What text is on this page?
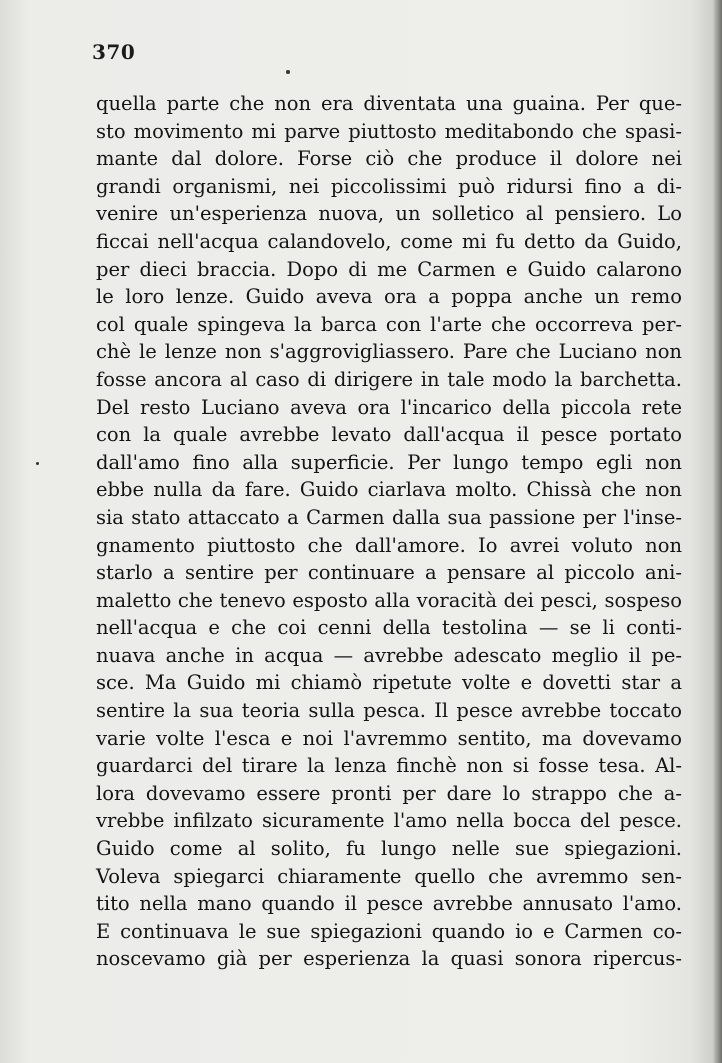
370
quella parte che non era diventata una guaina. Per que-
sto movimento mi parve piuttosto meditabondo che spasi-
mante dal dolore. Forse ciò che produce il dolore nei
grandi organismi, nei piccolissimi può ridursi fino a di-
venire un'esperienza nuova, un solletico al pensiero. Lo
ficcai nell'acqua calandovelo, come mi fu detto da Guido,
per dieci braccia. Dopo di me Carmen e Guido calarono
le loro lenze. Guido aveva ora a poppa anche un remo
col quale spingeva la barca con l'arte che occorreva per-
chè le lenze non s'aggrovigliassero. Pare che Luciano non
fosse ancora al caso di dirigere in tale modo la barchetta.
Del resto Luciano aveva ora l'incarico della piccola rete
con la quale avrebbe levato dall'acqua il pesce portato
dall'amo fino alla superficie. Per lungo tempo egli non
ebbe nulla da fare. Guido ciarlava molto. Chissà che non
sia stato attaccato a Carmen dalla sua passione per l'inse-
gnamento piuttosto che dall'amore. Io avrei voluto non
starlo a sentire per continuare a pensare al piccolo ani-
maletto che tenevo esposto alla voracità dei pesci, sospeso
nell'acqua e che coi cenni della testolina — se li conti-
nuava anche in acqua — avrebbe adescato meglio il pe-
sce. Ma Guido mi chiamò ripetute volte e dovetti star a
sentire la sua teoria sulla pesca. Il pesce avrebbe toccato
varie volte l'esca e noi l'avremmo sentito, ma dovevamo
guardarci del tirare la lenza finchè non si fosse tesa. Al-
lora dovevamo essere pronti per dare lo strappo che a-
vrebbe infilzato sicuramente l'amo nella bocca del pesce.
Guido come al solito, fu lungo nelle sue spiegazioni.
Voleva spiegarci chiaramente quello che avremmo sen-
tito nella mano quando il pesce avrebbe annusato l'amo.
E continuava le sue spiegazioni quando io e Carmen co-
noscevamo già per esperienza la quasi sonora ripercus-
